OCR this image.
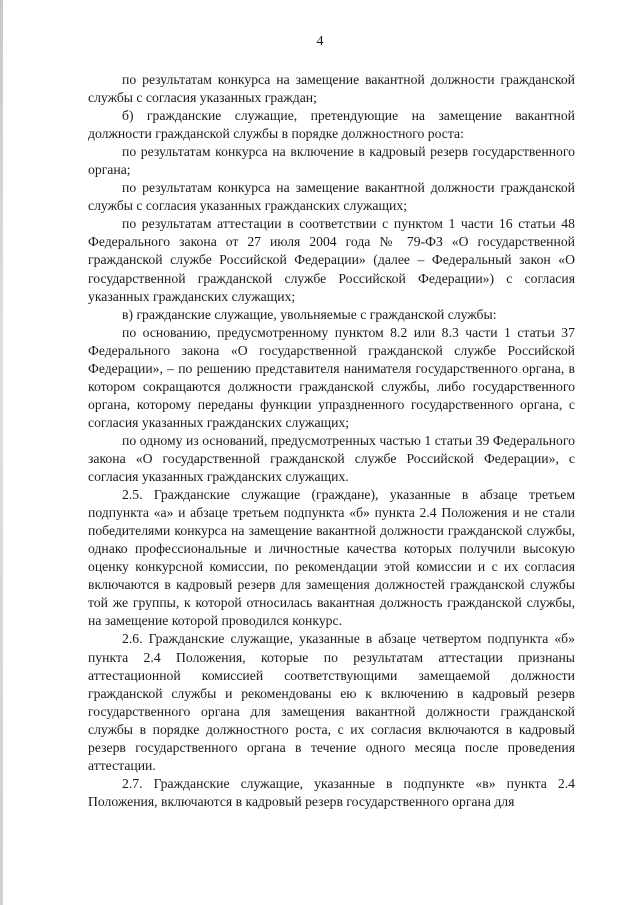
4

по результатам конкурса на замещение вакантной должности гражданской службы с согласия указанных граждан;

б) гражданские служащие, претендующие на замещение вакантной должности гражданской службы в порядке должностного роста:

по результатам конкурса на включение в кадровый резерв государственного органа;

по результатам конкурса на замещение вакантной должности гражданской службы с согласия указанных гражданских служащих;

по результатам аттестации в соответствии с пунктом 1 части 16 статьи 48 Федерального закона от 27 июля 2004 года № 79-ФЗ «О государственной гражданской службе Российской Федерации» (далее – Федеральный закон «О государственной гражданской службе Российской Федерации») с согласия указанных гражданских служащих;

в) гражданские служащие, увольняемые с гражданской службы:

по основанию, предусмотренному пунктом 8.2 или 8.3 части 1 статьи 37 Федерального закона «О государственной гражданской службе Российской Федерации», – по решению представителя нанимателя государственного органа, в котором сокращаются должности гражданской службы, либо государственного органа, которому переданы функции упраздненного государственного органа, с согласия указанных гражданских служащих;

по одному из оснований, предусмотренных частью 1 статьи 39 Федерального закона «О государственной гражданской службе Российской Федерации», с согласия указанных гражданских служащих.

2.5. Гражданские служащие (граждане), указанные в абзаце третьем подпункта «а» и абзаце третьем подпункта «б» пункта 2.4 Положения и не стали победителями конкурса на замещение вакантной должности гражданской службы, однако профессиональные и личностные качества которых получили высокую оценку конкурсной комиссии, по рекомендации этой комиссии и с их согласия включаются в кадровый резерв для замещения должностей гражданской службы той же группы, к которой относилась вакантная должность гражданской службы, на замещение которой проводился конкурс.

2.6. Гражданские служащие, указанные в абзаце четвертом подпункта «б» пункта 2.4 Положения, которые по результатам аттестации признаны аттестационной комиссией соответствующими замещаемой должности гражданской службы и рекомендованы ею к включению в кадровый резерв государственного органа для замещения вакантной должности гражданской службы в порядке должностного роста, с их согласия включаются в кадровый резерв государственного органа в течение одного месяца после проведения аттестации.

2.7. Гражданские служащие, указанные в подпункте «в» пункта 2.4 Положения, включаются в кадровый резерв государственного органа для
